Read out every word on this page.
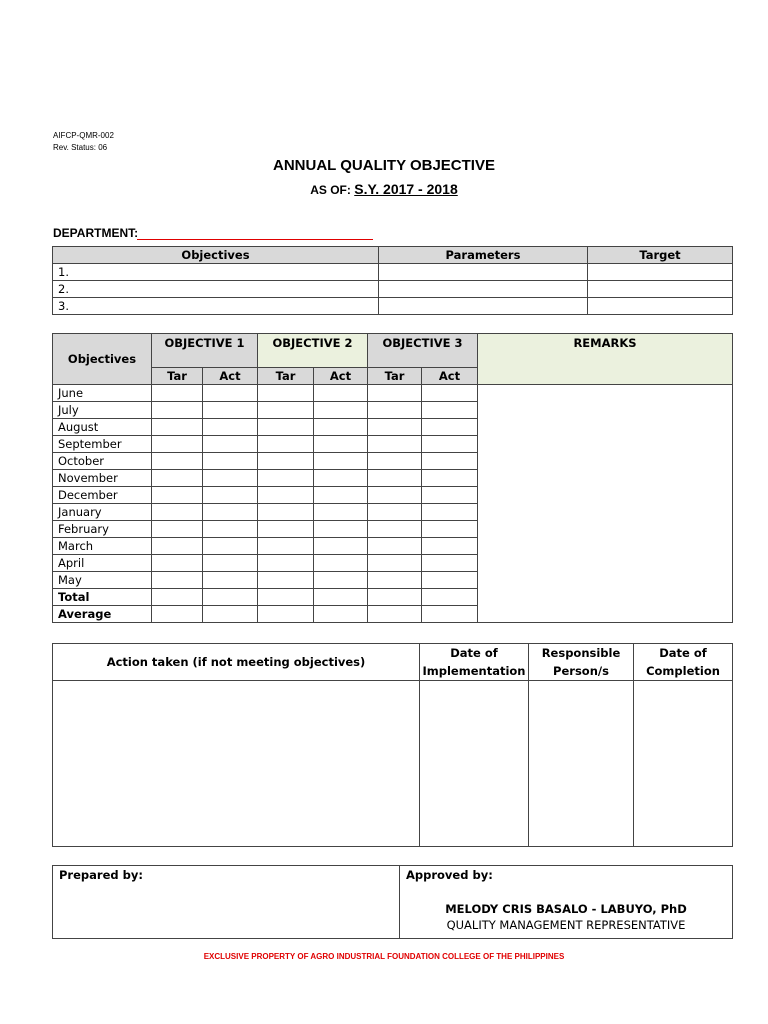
AIFCP-QMR-002
Rev. Status: 06
ANNUAL QUALITY OBJECTIVE
AS OF: S.Y. 2017 - 2018
DEPARTMENT:
Objectives	Parameters	Target
1.		
2.		
3.		
Objectives	OBJECTIVE 1		OBJECTIVE 2		OBJECTIVE 3		REMARKS
	Tar	Act	Tar	Act	Tar	Act	
June							
July							
August							
September							
October							
November							
December							
January							
February							
March							
April							
May							
Total							
Average							
Action taken (if not meeting objectives)	Date of Implementation	Responsible Person/s	Date of Completion

Prepared by:	Approved by:
MELODY CRIS BASALO - LABUYO, PhD
QUALITY MANAGEMENT REPRESENTATIVE
EXCLUSIVE PROPERTY OF AGRO INDUSTRIAL FOUNDATION COLLEGE OF THE PHILIPPINES
